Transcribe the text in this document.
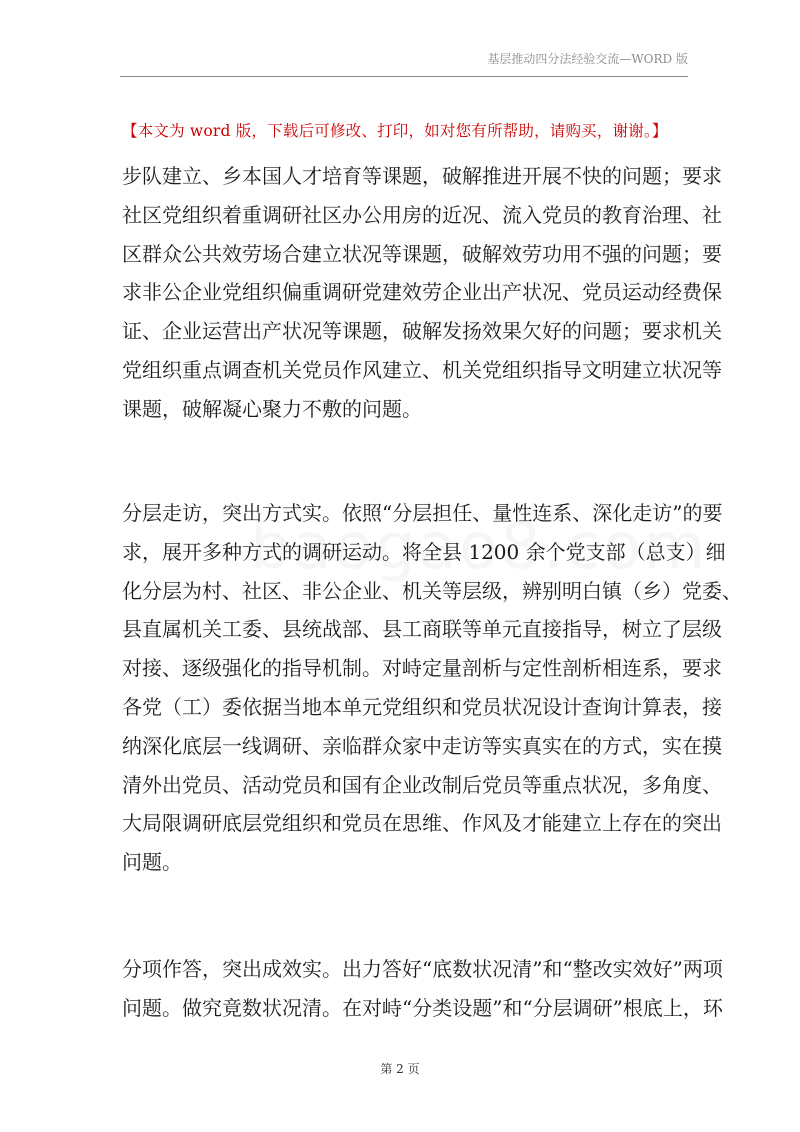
基层推动四分法经验交流—WORD 版
【本文为 word 版，下载后可修改、打印，如对您有所帮助，请购买，谢谢。】

步队建立、乡本国人才培育等课题，破解推进开展不快的问题；要求
社区党组织着重调研社区办公用房的近况、流入党员的教育治理、社
区群众公共效劳场合建立状况等课题，破解效劳功用不强的问题；要
求非公企业党组织偏重调研党建效劳企业出产状况、党员运动经费保
证、企业运营出产状况等课题，破解发扬效果欠好的问题；要求机关
党组织重点调查机关党员作风建立、机关党组织指导文明建立状况等
课题，破解凝心聚力不敷的问题。

分层走访，突出方式实。依照“分层担任、量性连系、深化走访”的要
求，展开多种方式的调研运动。将全县 1200 余个党支部（总支）细
化分层为村、社区、非公企业、机关等层级，辨别明白镇（乡）党委、
县直属机关工委、县统战部、县工商联等单元直接指导，树立了层级
对接、逐级强化的指导机制。对峙定量剖析与定性剖析相连系，要求
各党（工）委依据当地本单元党组织和党员状况设计查询计算表，接
纳深化底层一线调研、亲临群众家中走访等实真实在的方式，实在摸
清外出党员、活动党员和国有企业改制后党员等重点状况，多角度、
大局限调研底层党组织和党员在思维、作风及才能建立上存在的突出
问题。

分项作答，突出成效实。出力答好“底数状况清”和“整改实效好”两项
问题。做究竟数状况清。在对峙“分类设题”和“分层调研”根底上，环

第 2 页
